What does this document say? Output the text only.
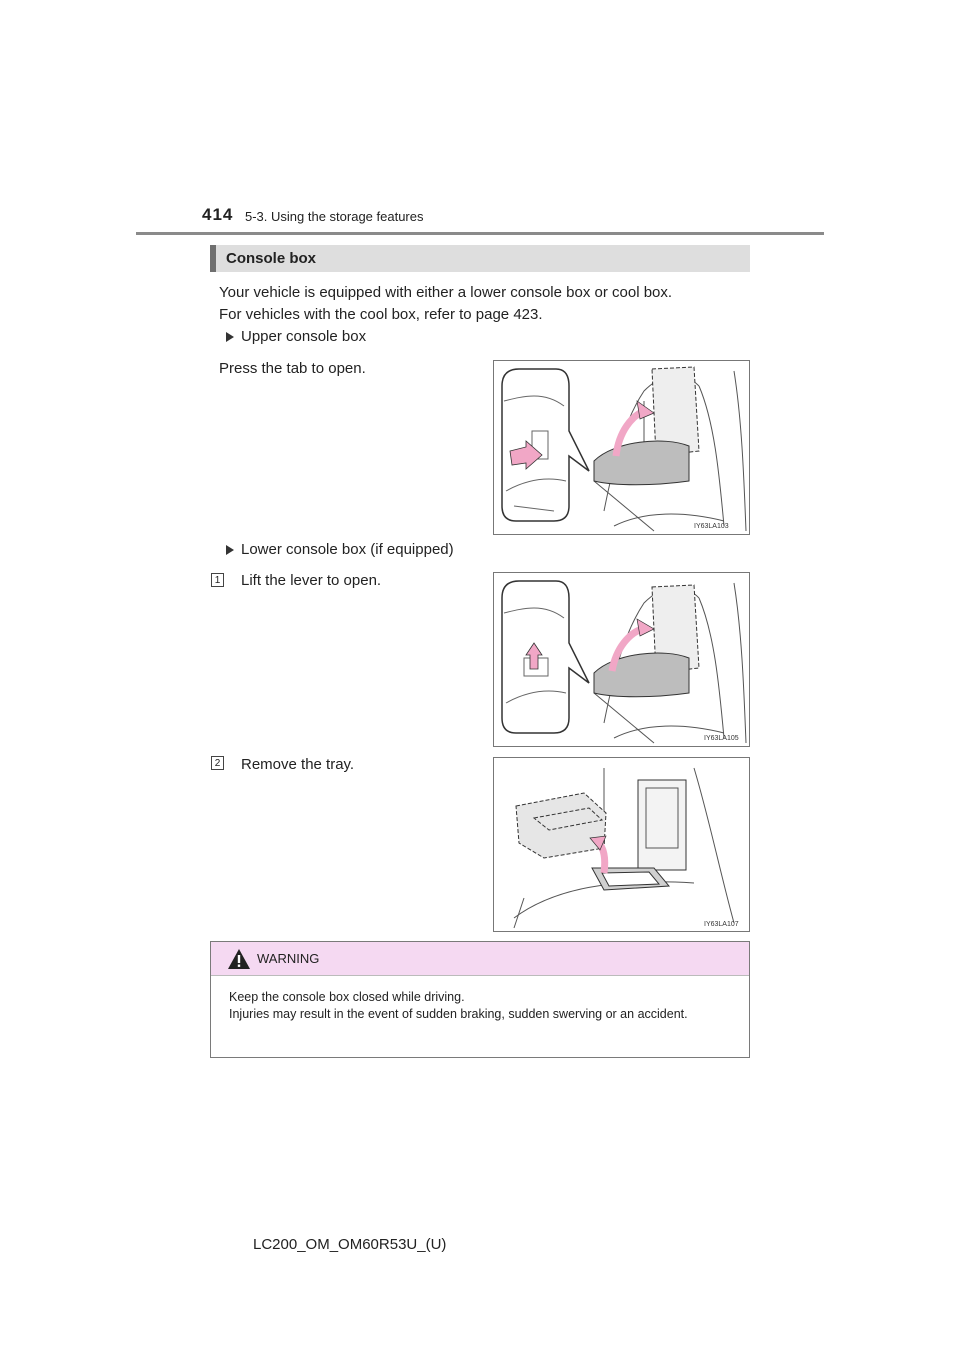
414 5-3. Using the storage features
Console box
Your vehicle is equipped with either a lower console box or cool box.
For vehicles with the cool box, refer to page 423.
Upper console box
Press the tab to open.
IY63LA103
Lower console box (if equipped)
1 Lift the lever to open.
IY63LA105
2 Remove the tray.
IY63LA107
WARNING
Keep the console box closed while driving.
Injuries may result in the event of sudden braking, sudden swerving or an accident.
LC200_OM_OM60R53U_(U)
